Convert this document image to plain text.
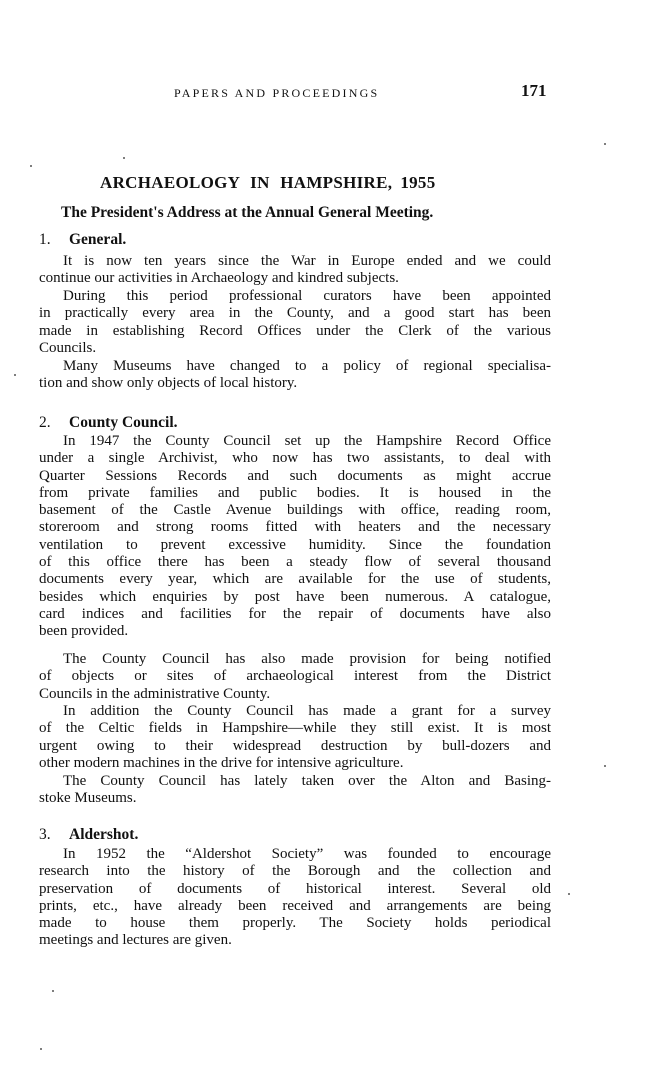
PAPERS AND PROCEEDINGS	171
ARCHAEOLOGY IN HAMPSHIRE, 1955
The President's Address at the Annual General Meeting.
1. General.
It is now ten years since the War in Europe ended and we could
continue our activities in Archaeology and kindred subjects.
During this period professional curators have been appointed
in practically every area in the County, and a good start has been
made in establishing Record Offices under the Clerk of the various
Councils.
Many Museums have changed to a policy of regional specialisa-
tion and show only objects of local history.
2. County Council.
In 1947 the County Council set up the Hampshire Record Office
under a single Archivist, who now has two assistants, to deal with
Quarter Sessions Records and such documents as might accrue
from private families and public bodies. It is housed in the
basement of the Castle Avenue buildings with office, reading room,
storeroom and strong rooms fitted with heaters and the necessary
ventilation to prevent excessive humidity. Since the foundation
of this office there has been a steady flow of several thousand
documents every year, which are available for the use of students,
besides which enquiries by post have been numerous. A catalogue,
card indices and facilities for the repair of documents have also
been provided.
The County Council has also made provision for being notified
of objects or sites of archaeological interest from the District
Councils in the administrative County.
In addition the County Council has made a grant for a survey
of the Celtic fields in Hampshire—while they still exist. It is most
urgent owing to their widespread destruction by bull-dozers and
other modern machines in the drive for intensive agriculture.
The County Council has lately taken over the Alton and Basing-
stoke Museums.
3. Aldershot.
In 1952 the “Aldershot Society” was founded to encourage
research into the history of the Borough and the collection and
preservation of documents of historical interest. Several old
prints, etc., have already been received and arrangements are being
made to house them properly. The Society holds periodical
meetings and lectures are given.
